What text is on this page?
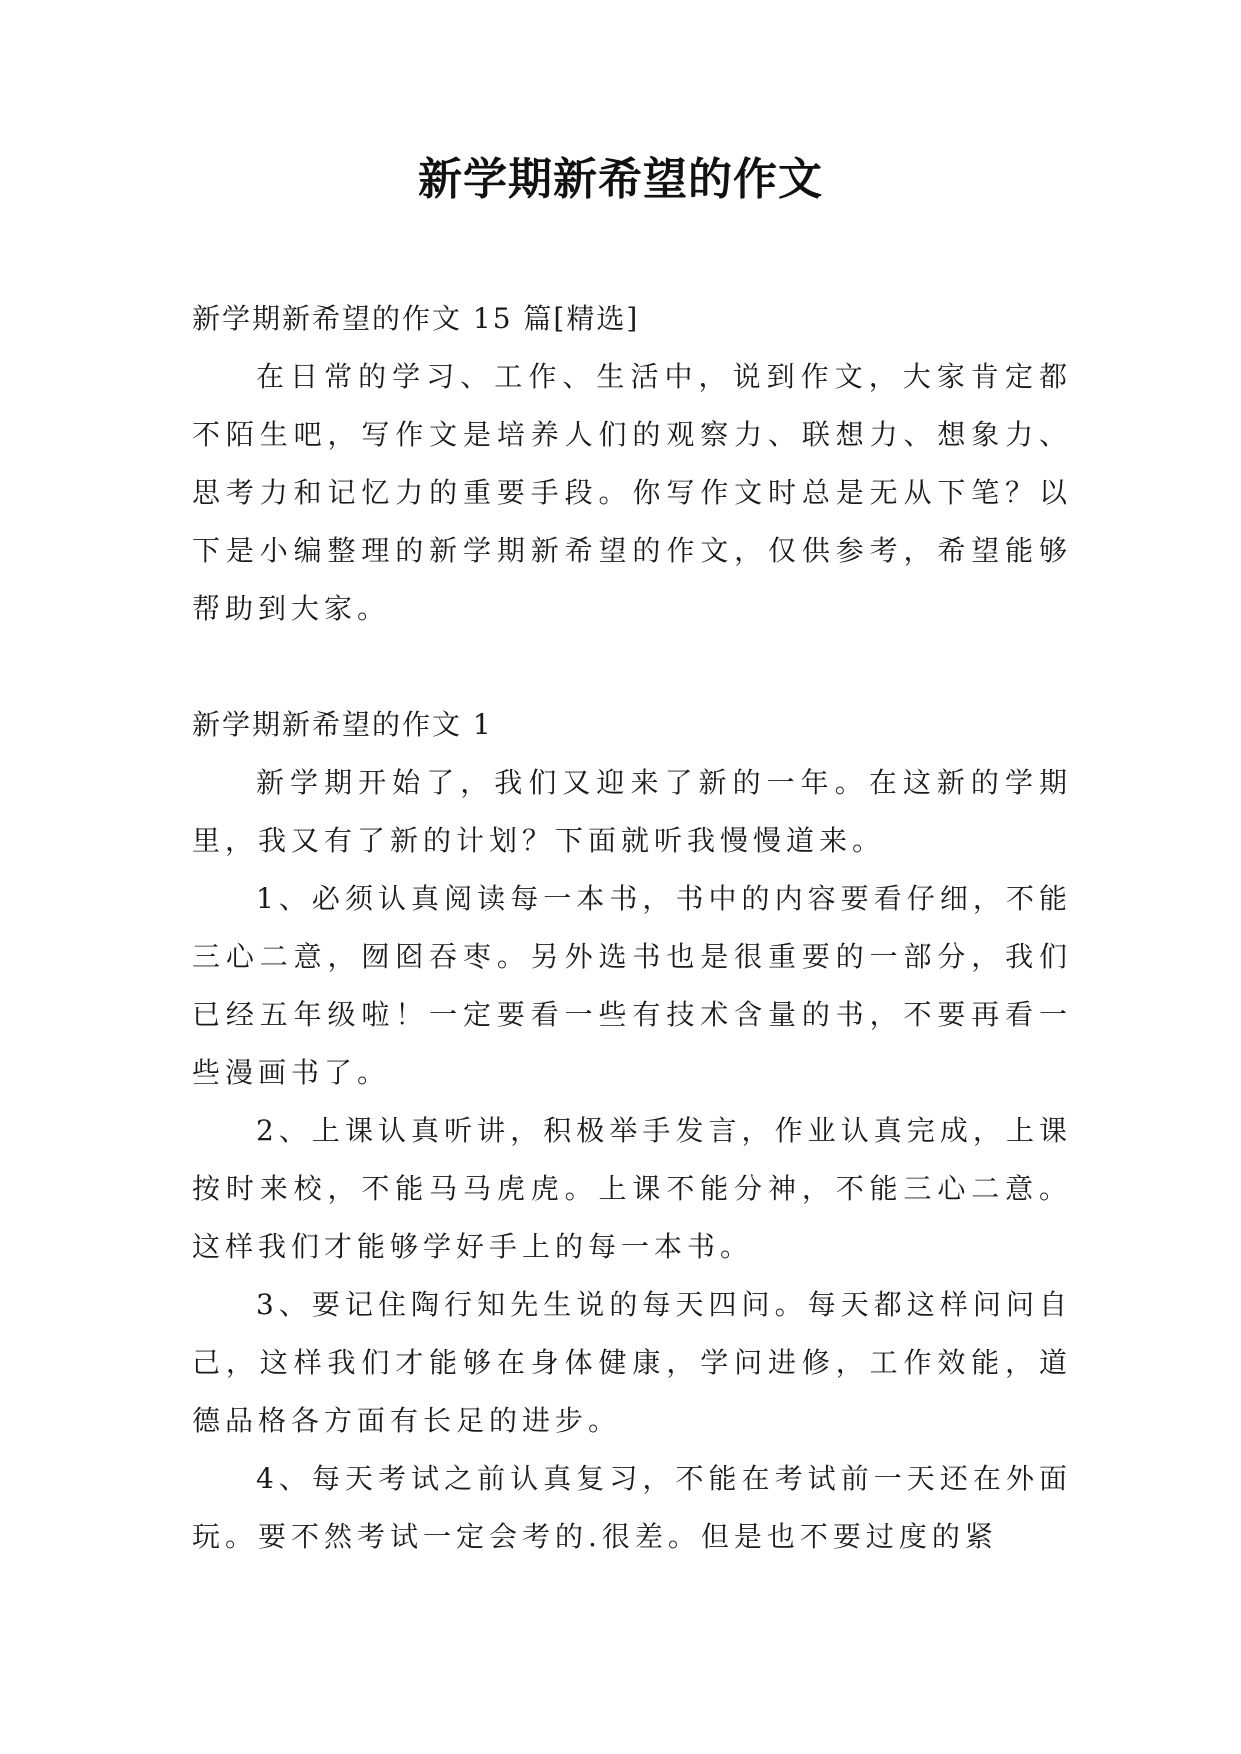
新学期新希望的作文

新学期新希望的作文 15 篇[精选]

在日常的学习、工作、生活中，说到作文，大家肯定都不陌生吧，写作文是培养人们的观察力、联想力、想象力、思考力和记忆力的重要手段。你写作文时总是无从下笔？以下是小编整理的新学期新希望的作文，仅供参考，希望能够帮助到大家。

新学期新希望的作文 1

新学期开始了，我们又迎来了新的一年。在这新的学期里，我又有了新的计划？下面就听我慢慢道来。

1、必须认真阅读每一本书，书中的内容要看仔细，不能三心二意，囫囵吞枣。另外选书也是很重要的一部分，我们已经五年级啦！一定要看一些有技术含量的书，不要再看一些漫画书了。

2、上课认真听讲，积极举手发言，作业认真完成，上课按时来校，不能马马虎虎。上课不能分神，不能三心二意。这样我们才能够学好手上的每一本书。

3、要记住陶行知先生说的每天四问。每天都这样问问自己，这样我们才能够在身体健康，学问进修，工作效能，道德品格各方面有长足的进步。

4、每天考试之前认真复习，不能在考试前一天还在外面玩。要不然考试一定会考的.很差。但是也不要过度的紧
